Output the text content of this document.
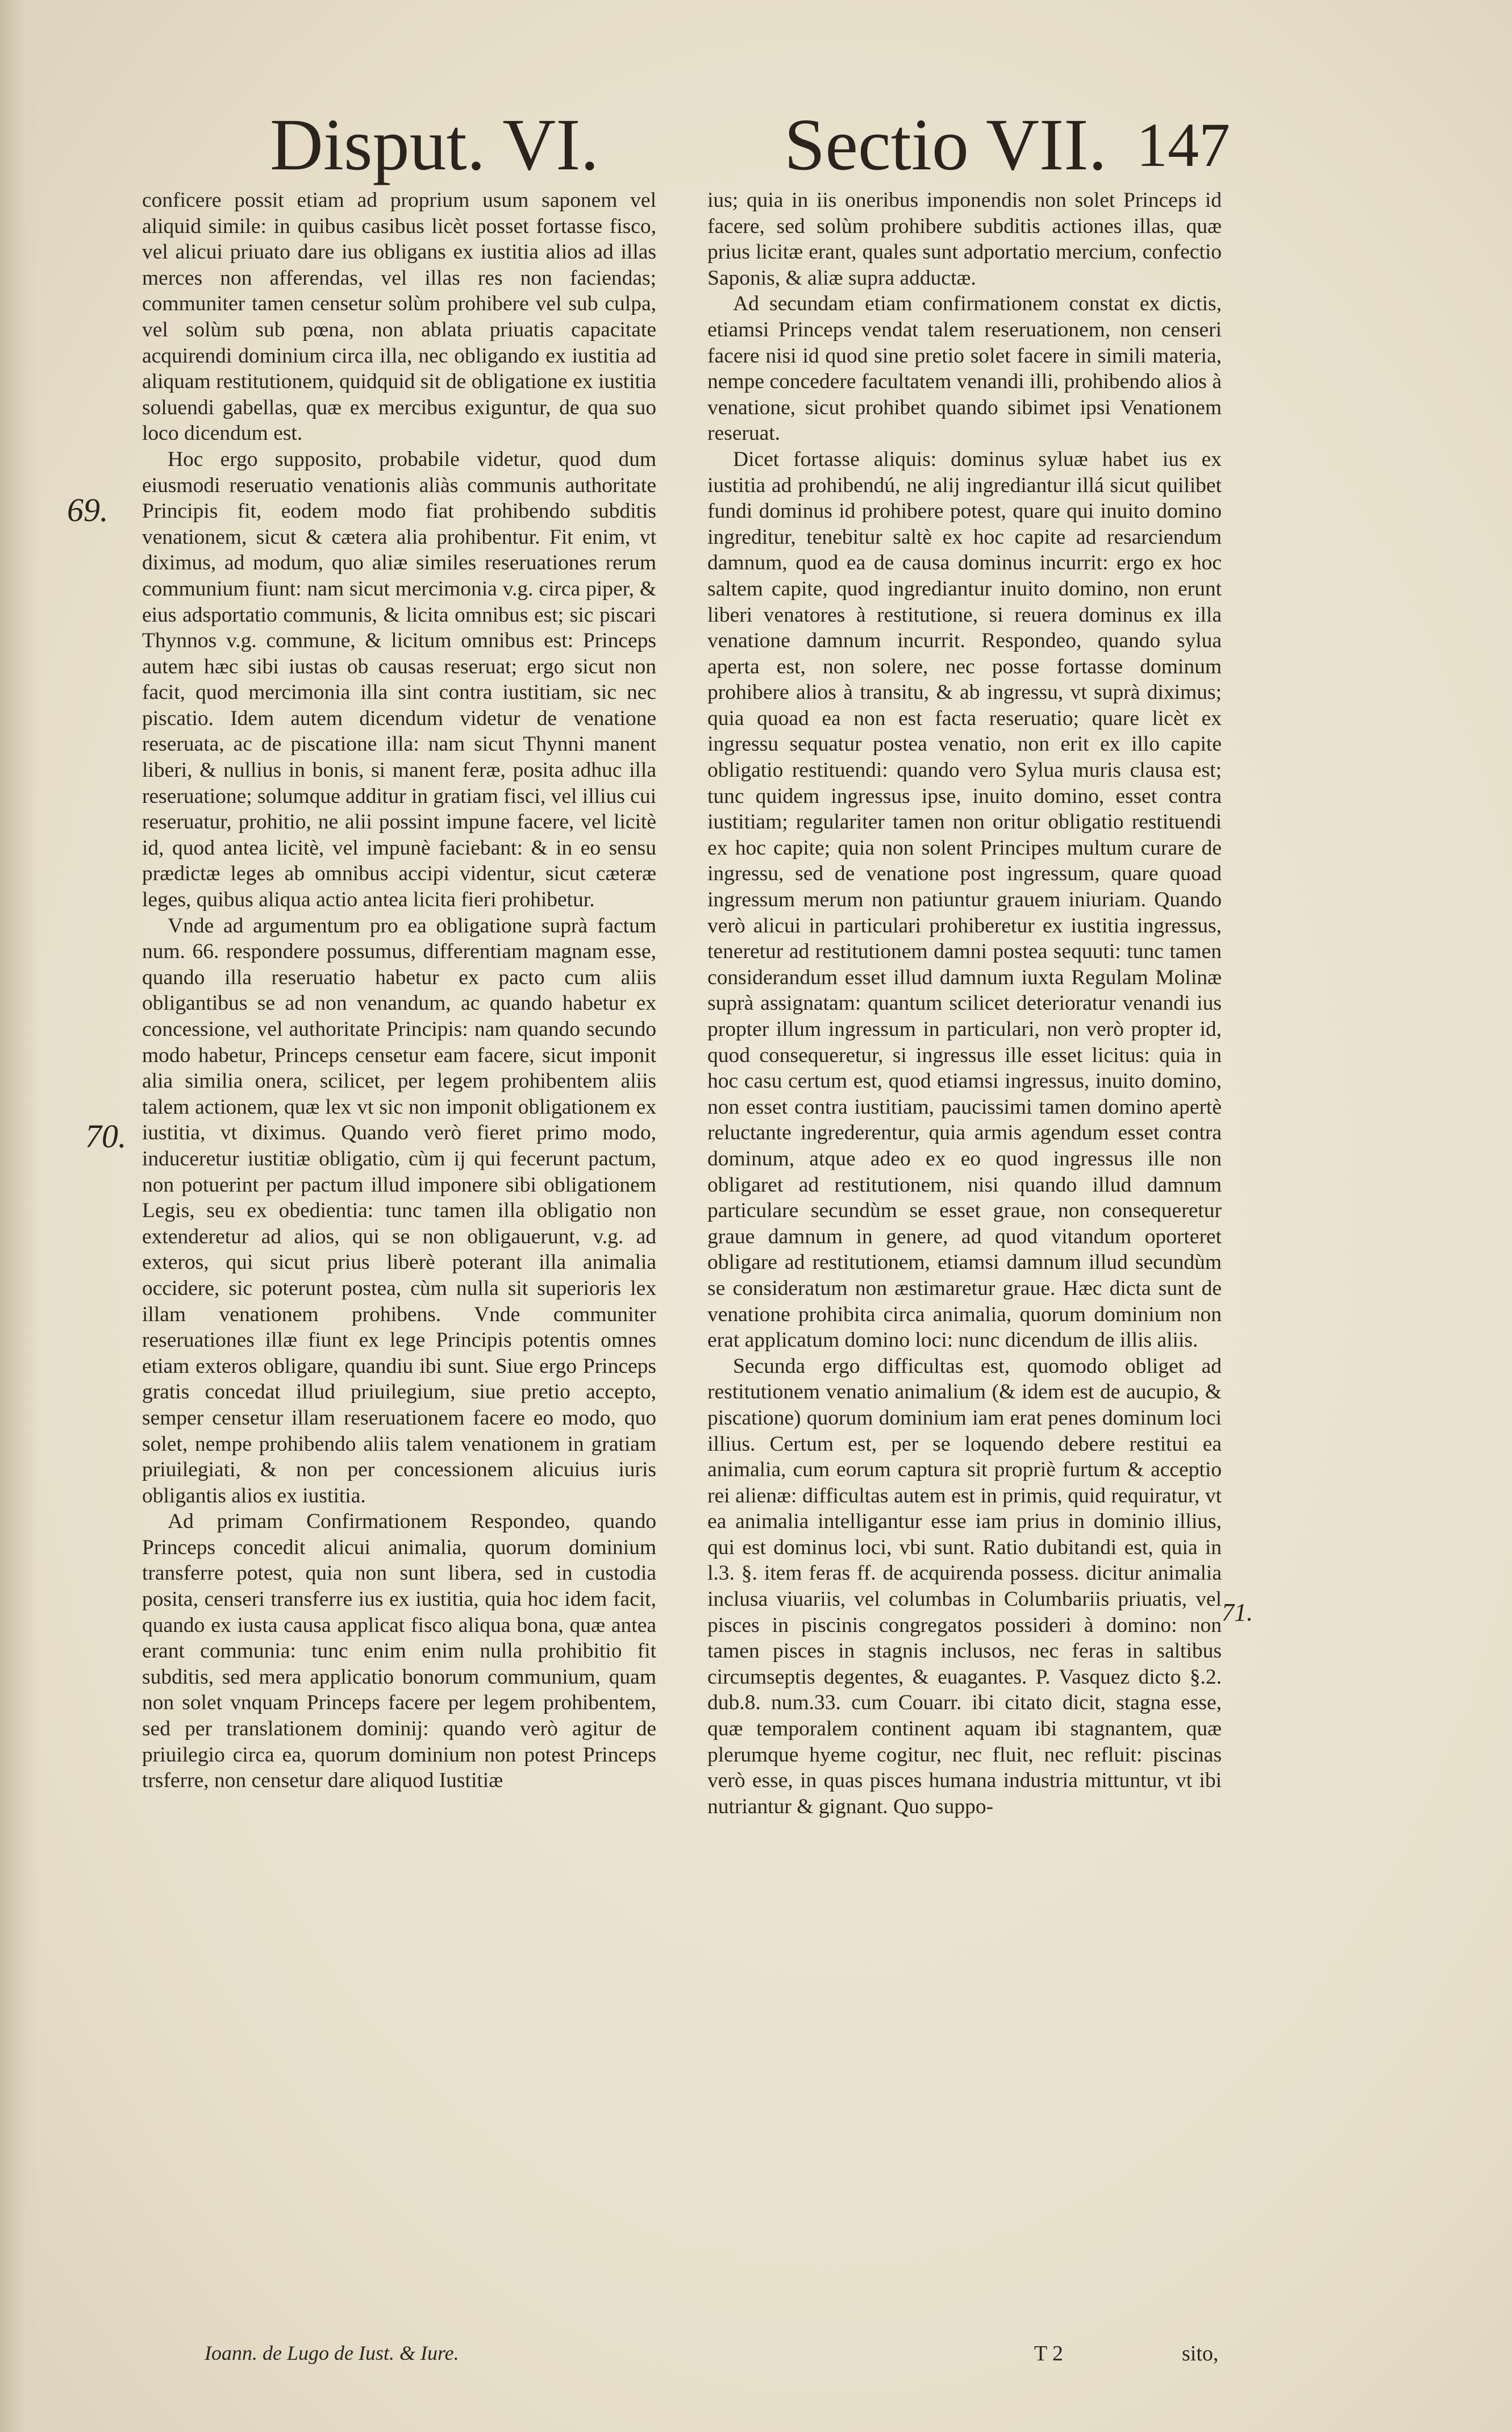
Disput. VI.	Sectio VII. 147

conficere possit etiam ad proprium usum saponem vel aliquid simile: in quibus casibus licèt posset fortasse fisco, vel alicui priuato dare ius obligans ex iustitia alios ad illas merces non afferendas, vel illas res non faciendas; communiter tamen censetur solùm prohibere vel sub culpa, vel solùm sub pœna, non ablata priuatis capacitate acquirendi dominium circa illa, nec obligando ex iustitia ad aliquam restitutionem, quidquid sit de obligatione ex iustitia soluendi gabellas, quæ ex mercibus exiguntur, de qua suo loco dicendum est.

Hoc ergo supposito, probabile videtur, quod dum eiusmodi reseruatio venationis aliàs communis authoritate Principis fit, eodem modo fiat prohibendo subditis venationem, sicut & cætera alia prohibentur. Fit enim, vt diximus, ad modum, quo aliæ similes reseruationes rerum communium fiunt: nam sicut mercimonia v.g. circa piper, & eius adsportatio communis, & licita omnibus est; sic piscari Thynnos v.g. commune, & licitum omnibus est: Princeps autem hæc sibi iustas ob causas reseruat; ergo sicut non facit, quod mercimonia illa sint contra iustitiam, sic nec piscatio. Idem autem dicendum videtur de venatione reseruata, ac de piscatione illa: nam sicut Thynni manent liberi, & nullius in bonis, si manent feræ, posita adhuc illa reseruatione; solumque additur in gratiam fisci, vel illius cui reseruatur, prohitio, ne alii possint impune facere, vel licitè id, quod antea licitè, vel impunè faciebant: & in eo sensu prædictæ leges ab omnibus accipi videntur, sicut cæteræ leges, quibus aliqua actio antea licita fieri prohibetur.

Vnde ad argumentum pro ea obligatione suprà factum num. 66. respondere possumus, differentiam magnam esse, quando illa reseruatio habetur ex pacto cum aliis obligantibus se ad non venandum, ac quando habetur ex concessione, vel authoritate Principis: nam quando secundo modo habetur, Princeps censetur eam facere, sicut imponit alia similia onera, scilicet, per legem prohibentem aliis talem actionem, quæ lex vt sic non imponit obligationem ex iustitia, vt diximus. Quando verò fieret primo modo, induceretur iustitiæ obligatio, cùm ij qui fecerunt pactum, non potuerint per pactum illud imponere sibi obligationem Legis, seu ex obedientia: tunc tamen illa obligatio non extenderetur ad alios, qui se non obligauerunt, v.g. ad exteros, qui sicut prius liberè poterant illa animalia occidere, sic poterunt postea, cùm nulla sit superioris lex illam venationem prohibens. Vnde communiter reseruationes illæ fiunt ex lege Principis potentis omnes etiam exteros obligare, quandiu ibi sunt. Siue ergo Princeps gratis concedat illud priuilegium, siue pretio accepto, semper censetur illam reseruationem facere eo modo, quo solet, nempe prohibendo aliis talem venationem in gratiam priuilegiati, & non per concessionem alicuius iuris obligantis alios ex iustitia.

Ad primam Confirmationem Respondeo, quando Princeps concedit alicui animalia, quorum dominium transferre potest, quia non sunt libera, sed in custodia posita, censeri transferre ius ex iustitia, quia hoc idem facit, quando ex iusta causa applicat fisco aliqua bona, quæ antea erant communia: tunc enim enim nulla prohibitio fit subditis, sed mera applicatio bonorum communium, quam non solet vnquam Princeps facere per legem prohibentem, sed per translationem dominij: quando verò agitur de priuilegio circa ea, quorum dominium non potest Princeps trsferre, non censetur dare aliquod Iustitiæ

ius; quia in iis oneribus imponendis non solet Princeps id facere, sed solùm prohibere subditis actiones illas, quæ prius licitæ erant, quales sunt adportatio mercium, confectio Saponis, & aliæ supra adductæ.

Ad secundam etiam confirmationem constat ex dictis, etiamsi Princeps vendat talem reseruationem, non censeri facere nisi id quod sine pretio solet facere in simili materia, nempe concedere facultatem venandi illi, prohibendo alios à venatione, sicut prohibet quando sibimet ipsi Venationem reseruat.

Dicet fortasse aliquis: dominus syluæ habet ius ex iustitia ad prohibendú, ne alij ingrediantur illá sicut quilibet fundi dominus id prohibere potest, quare qui inuito domino ingreditur, tenebitur saltè ex hoc capite ad resarciendum damnum, quod ea de causa dominus incurrit: ergo ex hoc saltem capite, quod ingrediantur inuito domino, non erunt liberi venatores à restitutione, si reuera dominus ex illa venatione damnum incurrit. Respondeo, quando sylua aperta est, non solere, nec posse fortasse dominum prohibere alios à transitu, & ab ingressu, vt suprà diximus; quia quoad ea non est facta reseruatio; quare licèt ex ingressu sequatur postea venatio, non erit ex illo capite obligatio restituendi: quando vero Sylua muris clausa est; tunc quidem ingressus ipse, inuito domino, esset contra iustitiam; regulariter tamen non oritur obligatio restituendi ex hoc capite; quia non solent Principes multum curare de ingressu, sed de venatione post ingressum, quare quoad ingressum merum non patiuntur grauem iniuriam. Quando verò alicui in particulari prohiberetur ex iustitia ingressus, teneretur ad restitutionem damni postea sequuti: tunc tamen considerandum esset illud damnum iuxta Regulam Molinæ suprà assignatam: quantum scilicet deterioratur venandi ius propter illum ingressum in particulari, non verò propter id, quod consequeretur, si ingressus ille esset licitus: quia in hoc casu certum est, quod etiamsi ingressus, inuito domino, non esset contra iustitiam, paucissimi tamen domino apertè reluctante ingrederentur, quia armis agendum esset contra dominum, atque adeo ex eo quod ingressus ille non obligaret ad restitutionem, nisi quando illud damnum particulare secundùm se esset graue, non consequeretur graue damnum in genere, ad quod vitandum oporteret obligare ad restitutionem, etiamsi damnum illud secundùm se consideratum non æstimaretur graue. Hæc dicta sunt de venatione prohibita circa animalia, quorum dominium non erat applicatum domino loci: nunc dicendum de illis aliis.

Secunda ergo difficultas est, quomodo obliget ad restitutionem venatio animalium (& idem est de aucupio, & piscatione) quorum dominium iam erat penes dominum loci illius. Certum est, per se loquendo debere restitui ea animalia, cum eorum captura sit propriè furtum & acceptio rei alienæ: difficultas autem est in primis, quid requiratur, vt ea animalia intelligantur esse iam prius in dominio illius, qui est dominus loci, vbi sunt. Ratio dubitandi est, quia in l.3. §. item feras ff. de acquirenda possess. dicitur animalia inclusa viuariis, vel columbas in Columbariis priuatis, vel pisces in piscinis congregatos possideri à domino: non tamen pisces in stagnis inclusos, nec feras in saltibus circumseptis degentes, & euagantes. P. Vasquez dicto §.2. dub.8. num.33. cum Couarr. ibi citato dicit, stagna esse, quæ temporalem continent aquam ibi stagnantem, quæ plerumque hyeme cogitur, nec fluit, nec refluit: piscinas verò esse, in quas pisces humana industria mittuntur, vt ibi nutriantur & gignant. Quo suppo-

69.
70.
71.
Ioann. de Lugo de Iust. & Iure.	T 2	sito,
